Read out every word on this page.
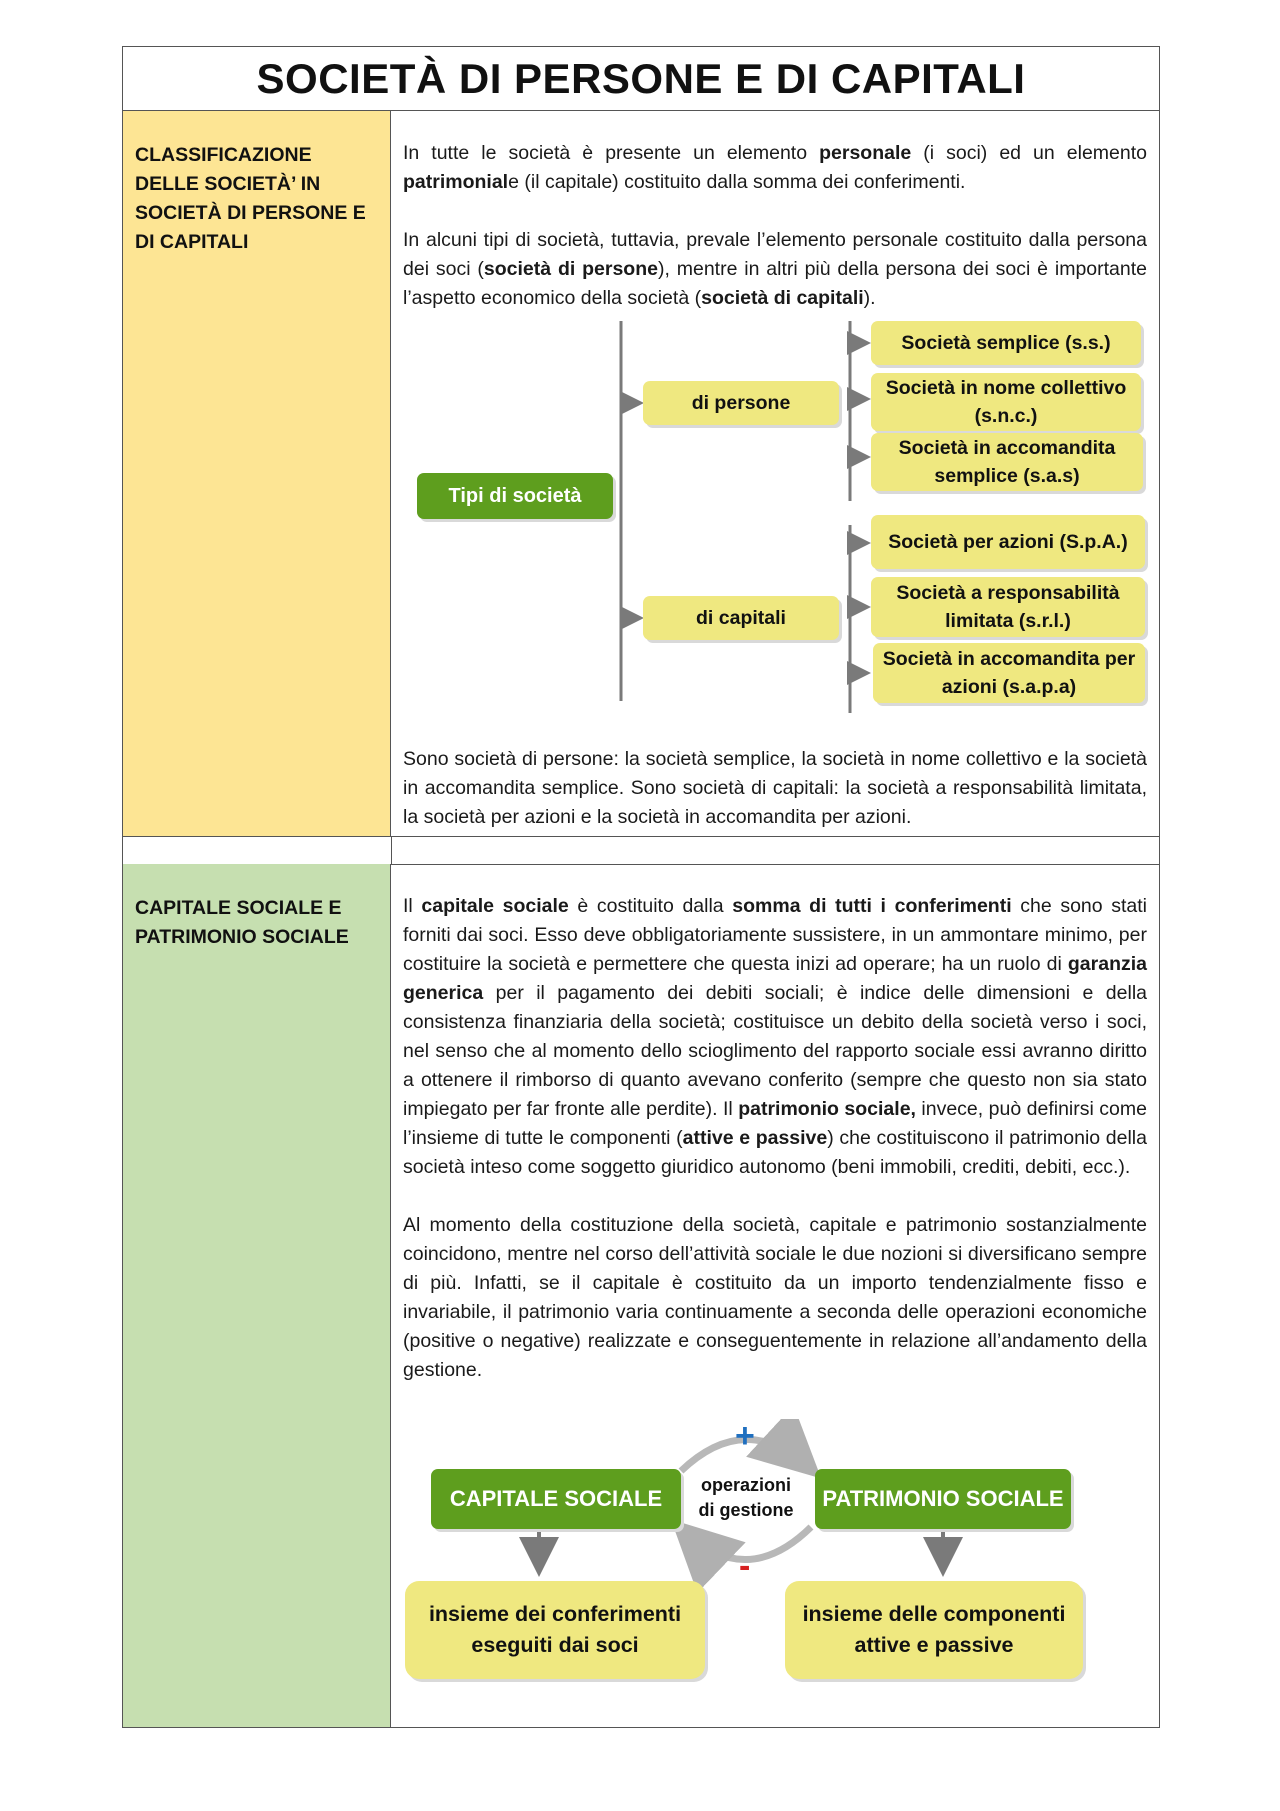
SOCIETÀ DI PERSONE E DI CAPITALI
CLASSIFICAZIONE DELLE SOCIETÀ’ IN SOCIETÀ DI PERSONE E DI CAPITALI

In tutte le società è presente un elemento personale (i soci) ed un elemento patrimoniale (il capitale) costituito dalla somma dei conferimenti.

In alcuni tipi di società, tuttavia, prevale l’elemento personale costituito dalla persona dei soci (società di persone), mentre in altri più della persona dei soci è importante l’aspetto economico della società (società di capitali).

Tipi di società
di persone
di capitali
Società semplice (s.s.)
Società in nome collettivo (s.n.c.)
Società in accomandita semplice (s.a.s)
Società per azioni (S.p.A.)
Società a responsabilità limitata (s.r.l.)
Società in accomandita per azioni (s.a.p.a)

Sono società di persone: la società semplice, la società in nome collettivo e la società in accomandita semplice. Sono società di capitali: la società a responsabilità limitata, la società per azioni e la società in accomandita per azioni.

CAPITALE SOCIALE E PATRIMONIO SOCIALE

Il capitale sociale è costituito dalla somma di tutti i conferimenti che sono stati forniti dai soci. Esso deve obbligatoriamente sussistere, in un ammontare minimo, per costituire la società e permettere che questa inizi ad operare; ha un ruolo di garanzia generica per il pagamento dei debiti sociali; è indice delle dimensioni e della consistenza finanziaria della società; costituisce un debito della società verso i soci, nel senso che al momento dello scioglimento del rapporto sociale essi avranno diritto a ottenere il rimborso di quanto avevano conferito (sempre che questo non sia stato impiegato per far fronte alle perdite). Il patrimonio sociale, invece, può definirsi come l’insieme di tutte le componenti (attive e passive) che costituiscono il patrimonio della società inteso come soggetto giuridico autonomo (beni immobili, crediti, debiti, ecc.).

Al momento della costituzione della società, capitale e patrimonio sostanzialmente coincidono, mentre nel corso dell’attività sociale le due nozioni si diversificano sempre di più. Infatti, se il capitale è costituito da un importo tendenzialmente fisso e invariabile, il patrimonio varia continuamente a seconda delle operazioni economiche (positive o negative) realizzate e conseguentemente in relazione all’andamento della gestione.

CAPITALE SOCIALE	PATRIMONIO SOCIALE
operazioni
di gestione
+
-
insieme dei conferimenti eseguiti dai soci
insieme delle componenti attive e passive
